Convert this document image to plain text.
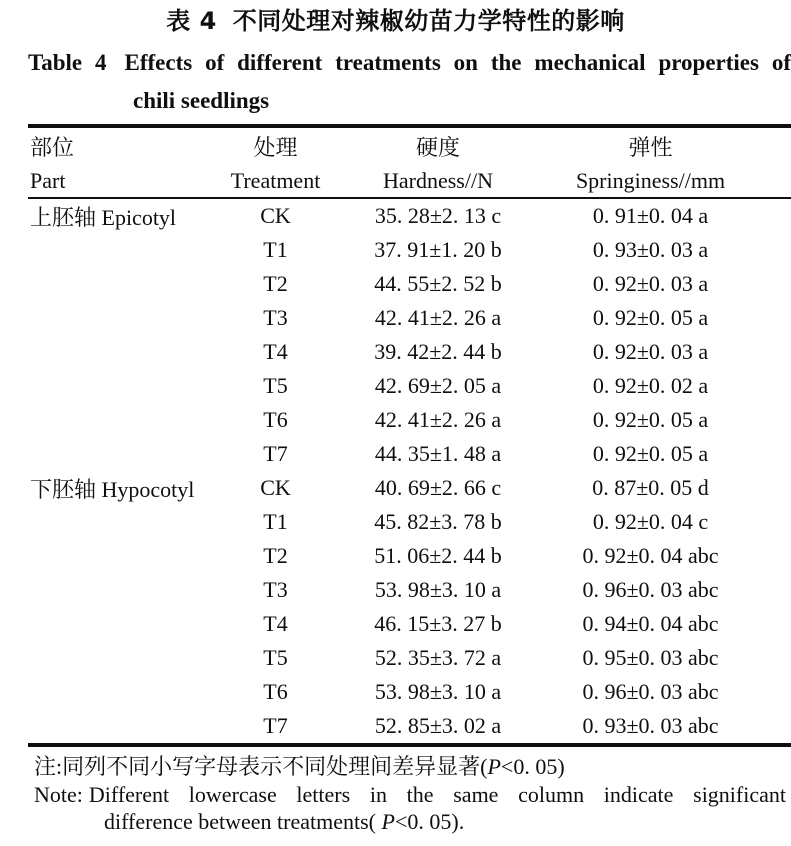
表 4 不同处理对辣椒幼苗力学特性的影响
Table 4 Effects of different treatments on the mechanical properties of
chili seedlings
部位	处理	硬度	弹性
Part	Treatment	Hardness//N	Springiness//mm
上胚轴 Epicotyl	CK	35. 28±2. 13 c	0. 91±0. 04 a
	T1	37. 91±1. 20 b	0. 93±0. 03 a
	T2	44. 55±2. 52 b	0. 92±0. 03 a
	T3	42. 41±2. 26 a	0. 92±0. 05 a
	T4	39. 42±2. 44 b	0. 92±0. 03 a
	T5	42. 69±2. 05 a	0. 92±0. 02 a
	T6	42. 41±2. 26 a	0. 92±0. 05 a
	T7	44. 35±1. 48 a	0. 92±0. 05 a
下胚轴 Hypocotyl	CK	40. 69±2. 66 c	0. 87±0. 05 d
	T1	45. 82±3. 78 b	0. 92±0. 04 c
	T2	51. 06±2. 44 b	0. 92±0. 04 abc
	T3	53. 98±3. 10 a	0. 96±0. 03 abc
	T4	46. 15±3. 27 b	0. 94±0. 04 abc
	T5	52. 35±3. 72 a	0. 95±0. 03 abc
	T6	53. 98±3. 10 a	0. 96±0. 03 abc
	T7	52. 85±3. 02 a	0. 93±0. 03 abc
注:同列不同小写字母表示不同处理间差异显著(P<0. 05)
Note: Different lowercase letters in the same column indicate significant
difference between treatments( P<0. 05).
